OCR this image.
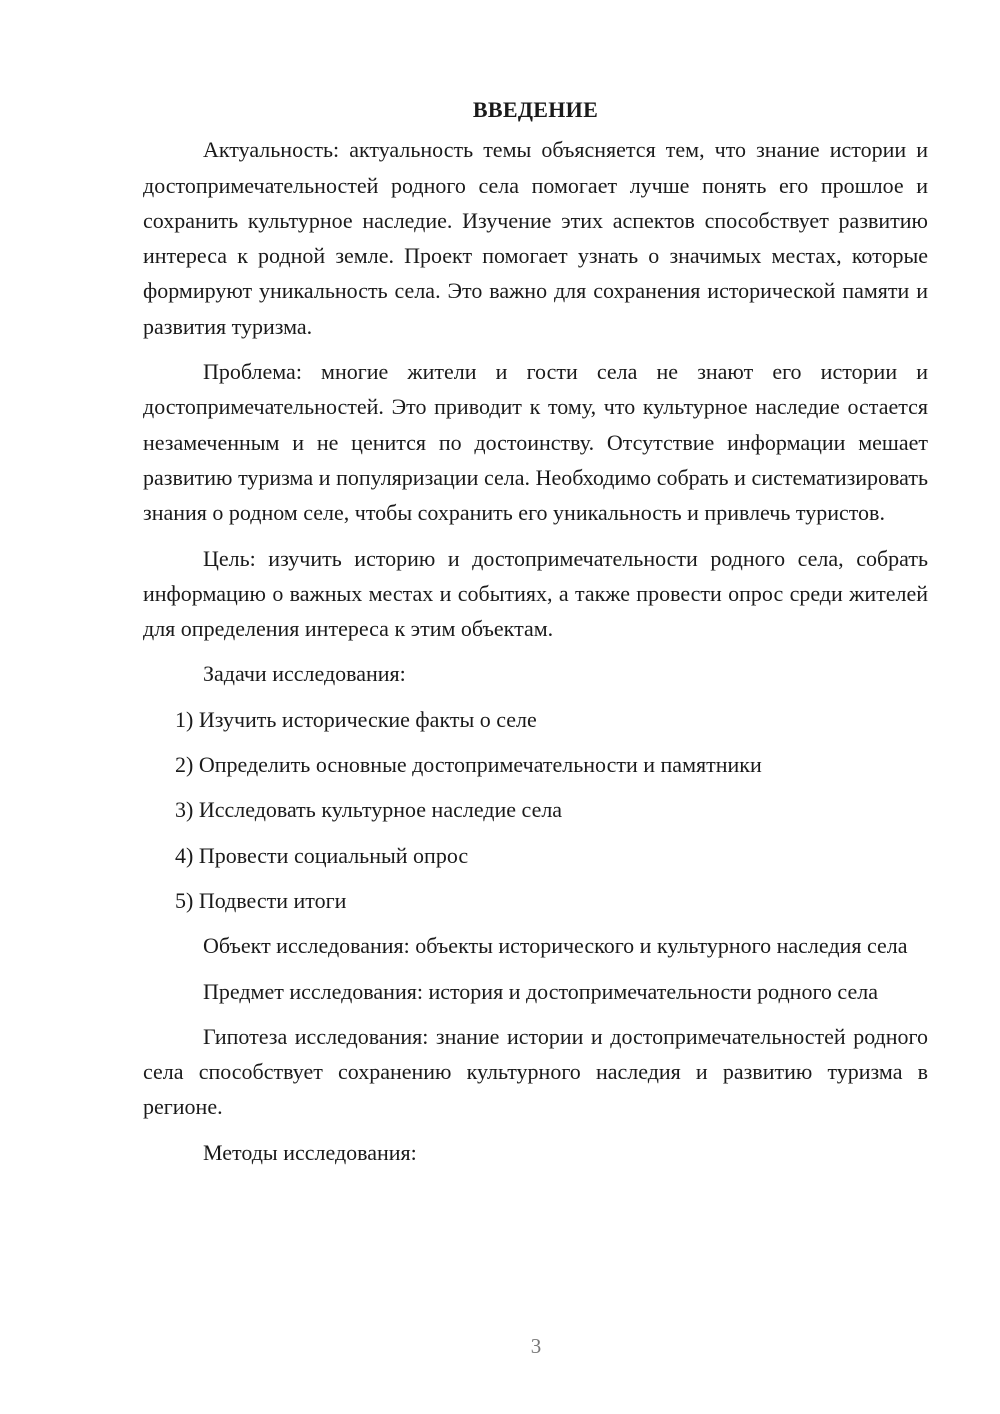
ВВЕДЕНИЕ

Актуальность: актуальность темы объясняется тем, что знание истории и достопримечательностей родного села помогает лучше понять его прошлое и сохранить культурное наследие. Изучение этих аспектов способствует развитию интереса к родной земле. Проект помогает узнать о значимых местах, которые формируют уникальность села. Это важно для сохранения исторической памяти и развития туризма.

Проблема: многие жители и гости села не знают его истории и достопримечательностей. Это приводит к тому, что культурное наследие остается незамеченным и не ценится по достоинству. Отсутствие информации мешает развитию туризма и популяризации села. Необходимо собрать и систематизировать знания о родном селе, чтобы сохранить его уникальность и привлечь туристов.

Цель: изучить историю и достопримечательности родного села, собрать информацию о важных местах и событиях, а также провести опрос среди жителей для определения интереса к этим объектам.

Задачи исследования:

1) Изучить исторические факты о селе
2) Определить основные достопримечательности и памятники
3) Исследовать культурное наследие села
4) Провести социальный опрос
5) Подвести итоги

Объект исследования: объекты исторического и культурного наследия села

Предмет исследования: история и достопримечательности родного села

Гипотеза исследования: знание истории и достопримечательностей родного села способствует сохранению культурного наследия и развитию туризма в регионе.

Методы исследования:

3
